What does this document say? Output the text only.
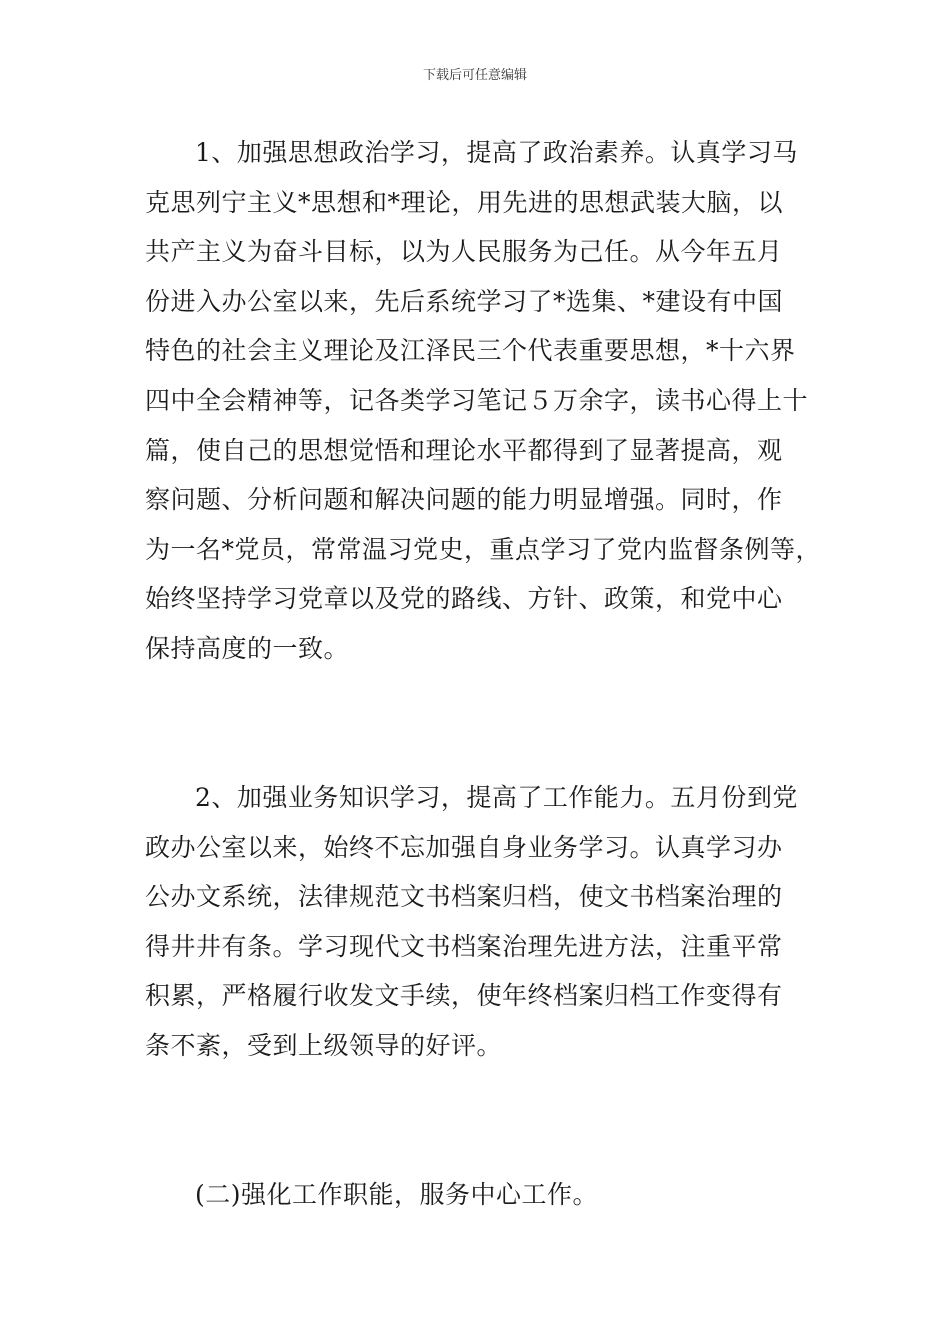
下载后可任意编辑
1、加强思想政治学习，提高了政治素养。认真学习马
克思列宁主义*思想和*理论，用先进的思想武装大脑，以
共产主义为奋斗目标，以为人民服务为己任。从今年五月
份进入办公室以来，先后系统学习了*选集、*建设有中国
特色的社会主义理论及江泽民三个代表重要思想，*十六界
四中全会精神等，记各类学习笔记５万余字，读书心得上十
篇，使自己的思想觉悟和理论水平都得到了显著提高，观
察问题、分析问题和解决问题的能力明显增强。同时，作
为一名*党员，常常温习党史，重点学习了党内监督条例等，
始终坚持学习党章以及党的路线、方针、政策，和党中心
保持高度的一致。
2、加强业务知识学习，提高了工作能力。五月份到党
政办公室以来，始终不忘加强自身业务学习。认真学习办
公办文系统，法律规范文书档案归档，使文书档案治理的
得井井有条。学习现代文书档案治理先进方法，注重平常
积累，严格履行收发文手续，使年终档案归档工作变得有
条不紊，受到上级领导的好评。
(二)强化工作职能，服务中心工作。
